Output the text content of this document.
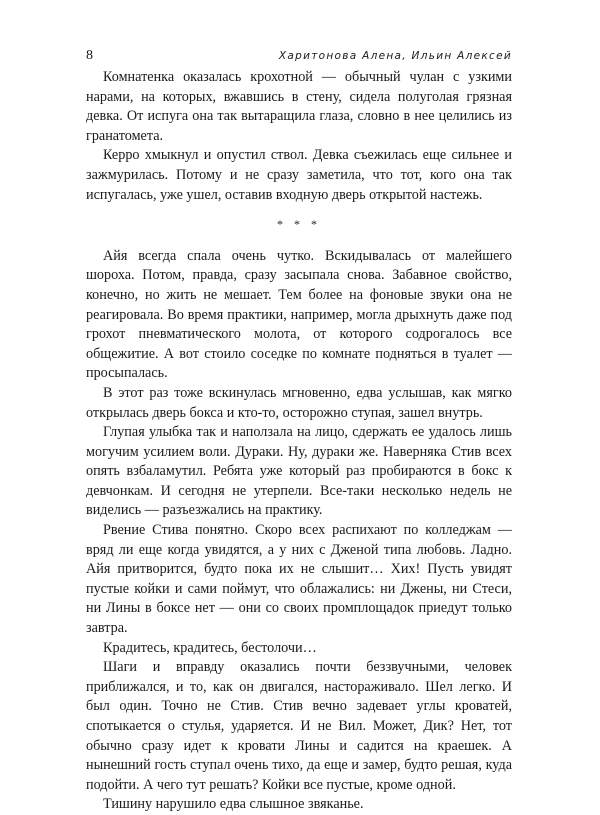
8	Харитонова Алена, Ильин Алексей

Комнатенка оказалась крохотной — обычный чулан с узкими нарами, на которых, вжавшись в стену, сидела полуголая грязная девка. От испуга она так вытаращила глаза, словно в нее целились из гранатомета.

Керро хмыкнул и опустил ствол. Девка съежилась еще сильнее и зажмурилась. Потому и не сразу заметила, что тот, кого она так испугалась, уже ушел, оставив входную дверь открытой настежь.

* * *

Айя всегда спала очень чутко. Вскидывалась от малейшего шороха. Потом, правда, сразу засыпала снова. Забавное свойство, конечно, но жить не мешает. Тем более на фоновые звуки она не реагировала. Во время практики, например, могла дрыхнуть даже под грохот пневматического молота, от которого содрогалось все общежитие. А вот стоило соседке по комнате подняться в туалет — просыпалась.

В этот раз тоже вскинулась мгновенно, едва услышав, как мягко открылась дверь бокса и кто-то, осторожно ступая, зашел внутрь.

Глупая улыбка так и наползала на лицо, сдержать ее удалось лишь могучим усилием воли. Дураки. Ну, дураки же. Наверняка Стив всех опять взбаламутил. Ребята уже который раз пробираются в бокс к девчонкам. И сегодня не утерпели. Все-таки несколько недель не виделись — разъезжались на практику.

Рвение Стива понятно. Скоро всех распихают по колледжам — вряд ли еще когда увидятся, а у них с Дженой типа любовь. Ладно. Айя притворится, будто пока их не слышит… Хих! Пусть увидят пустые койки и сами поймут, что облажались: ни Джены, ни Стеси, ни Лины в боксе нет — они со своих промплощадок приедут только завтра.

Крадитесь, крадитесь, бестолочи…

Шаги и вправду оказались почти беззвучными, человек приближался, и то, как он двигался, настораживало. Шел легко. И был один. Точно не Стив. Стив вечно задевает углы кроватей, спотыкается о стулья, ударяется. И не Вил. Может, Дик? Нет, тот обычно сразу идет к кровати Лины и садится на краешек. А нынешний гость ступал очень тихо, да еще и замер, будто решая, куда подойти. А чего тут решать? Койки все пустые, кроме одной.

Тишину нарушило едва слышное звяканье.
